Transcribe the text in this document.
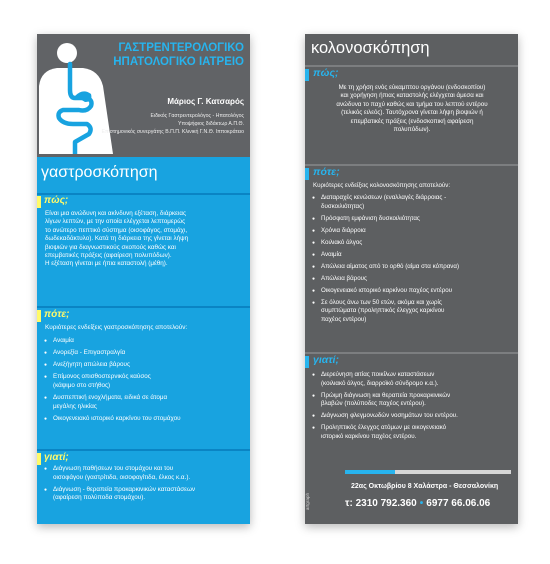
ΓΑΣΤΡΕΝΤΕΡΟΛΟΓΙΚΟ
ΗΠΑΤΟΛΟΓΙΚΟ ΙΑΤΡΕΙΟ
Μάριος Γ. Κατσαρός
Ειδικός Γαστρεντερολόγος - Ηπατολόγος
Υποψήφιος διδάκτωρ Α.Π.Θ.
Επιστημονικός συνεργάτης Β.Π.Π. Κλινική Γ.Ν.Θ. Ιπποκράτειο
γαστροσκόπηση
πώς;
Είναι μια ανώδυνη και ακίνδυνη εξέταση, διάρκειας
λίγων λεπτών, με την οποία ελέγχεται λεπτομερώς
το ανώτερο πεπτικό σύστημα (οισοφάγος, στομάχι,
δωδεκαδάκτυλο). Κατά τη διάρκεια της γίνεται λήψη
βιοψιών για διαγνωστικούς σκοπούς καθώς και
επεμβατικές πράξεις (αφαίρεση πολυπόδων).
Η εξέταση γίνεται με ήπια καταστολή (μέθη).
πότε;
Κυριότερες ενδείξεις γαστροσκόπησης αποτελούν:
● Αναιμία
● Ανορεξία - Επιγαστραλγία
● Ανεξήγητη απώλεια βάρους
● Επίμονος οπισθοστερνικός καύσος
(κάψιμο στο στήθος)
● Δυσπεπτική ενοχλήματα, ειδικά σε άτομα
μεγάλης ηλικίας
● Οικογενειακό ιστορικό καρκίνου του στομάχου
γιατί;
● Διάγνωση παθήσεων του στομάχου και του
οισοφάγου (γαστρίτιδα, οισοφαγίτιδα, έλκος κ.α.).
● Διάγνωση - θεραπεία προκαρκινικών καταστάσεων
(αφαίρεση πολύποδα στομάχου).
κολονοσκόπηση
πώς;
Με τη χρήση ενός εύκαμπτου οργάνου (ενδοσκοπίου)
και χορήγηση ήπιας καταστολής ελέγχεται άμεσα και
ανώδυνα το παχύ καθώς και τμήμα του λεπτού εντέρου
(τελικός ειλεός). Ταυτόχρονα γίνεται λήψη βιοψιών ή
επεμβατικές πράξεις (ενδοσκοπική αφαίρεση
πολυπόδων).
πότε;
Κυριότερες ενδείξεις κολονοσκόπησης αποτελούν:
● Διαταραχές κενώσεων (εναλλαγές διάρροιας -
δυσκοιλιότητας)
● Πρόσφατη εμφάνιση δυσκοιλιότητας
● Χρόνια διάρροια
● Κοιλιακό άλγος
● Αναιμία
● Απώλεια αίματος από το ορθό (αίμα στα κόπρανα)
● Απώλεια βάρους
● Οικογενειακό ιστορικό καρκίνου παχέος εντέρου
● Σε όλους άνω των 50 ετών, ακόμα και χωρίς
συμπτώματα (προληπτικός έλεγχος καρκίνου
παχέος εντέρου)
γιατί;
● Διερεύνηση αιτίας ποικίλων καταστάσεων
(κοιλιακό άλγος, διαρροϊκό σύνδρομο κ.α.).
● Πρώιμη διάγνωση και θεραπεία προκαρκινικών
βλαβών (πολύποδες παχέος εντέρου).
● Διάγνωση φλεγμονωδών νοσημάτων του εντέρου.
● Προληπτικός έλεγχος ατόμων με οικογενειακό
ιστορικό καρκίνου παχέος εντέρου.
artgraph
22ας Οκτωβρίου 8 Χαλάστρα - Θεσσαλονίκη
τ: 2310 792.360 • 6977 66.06.06
